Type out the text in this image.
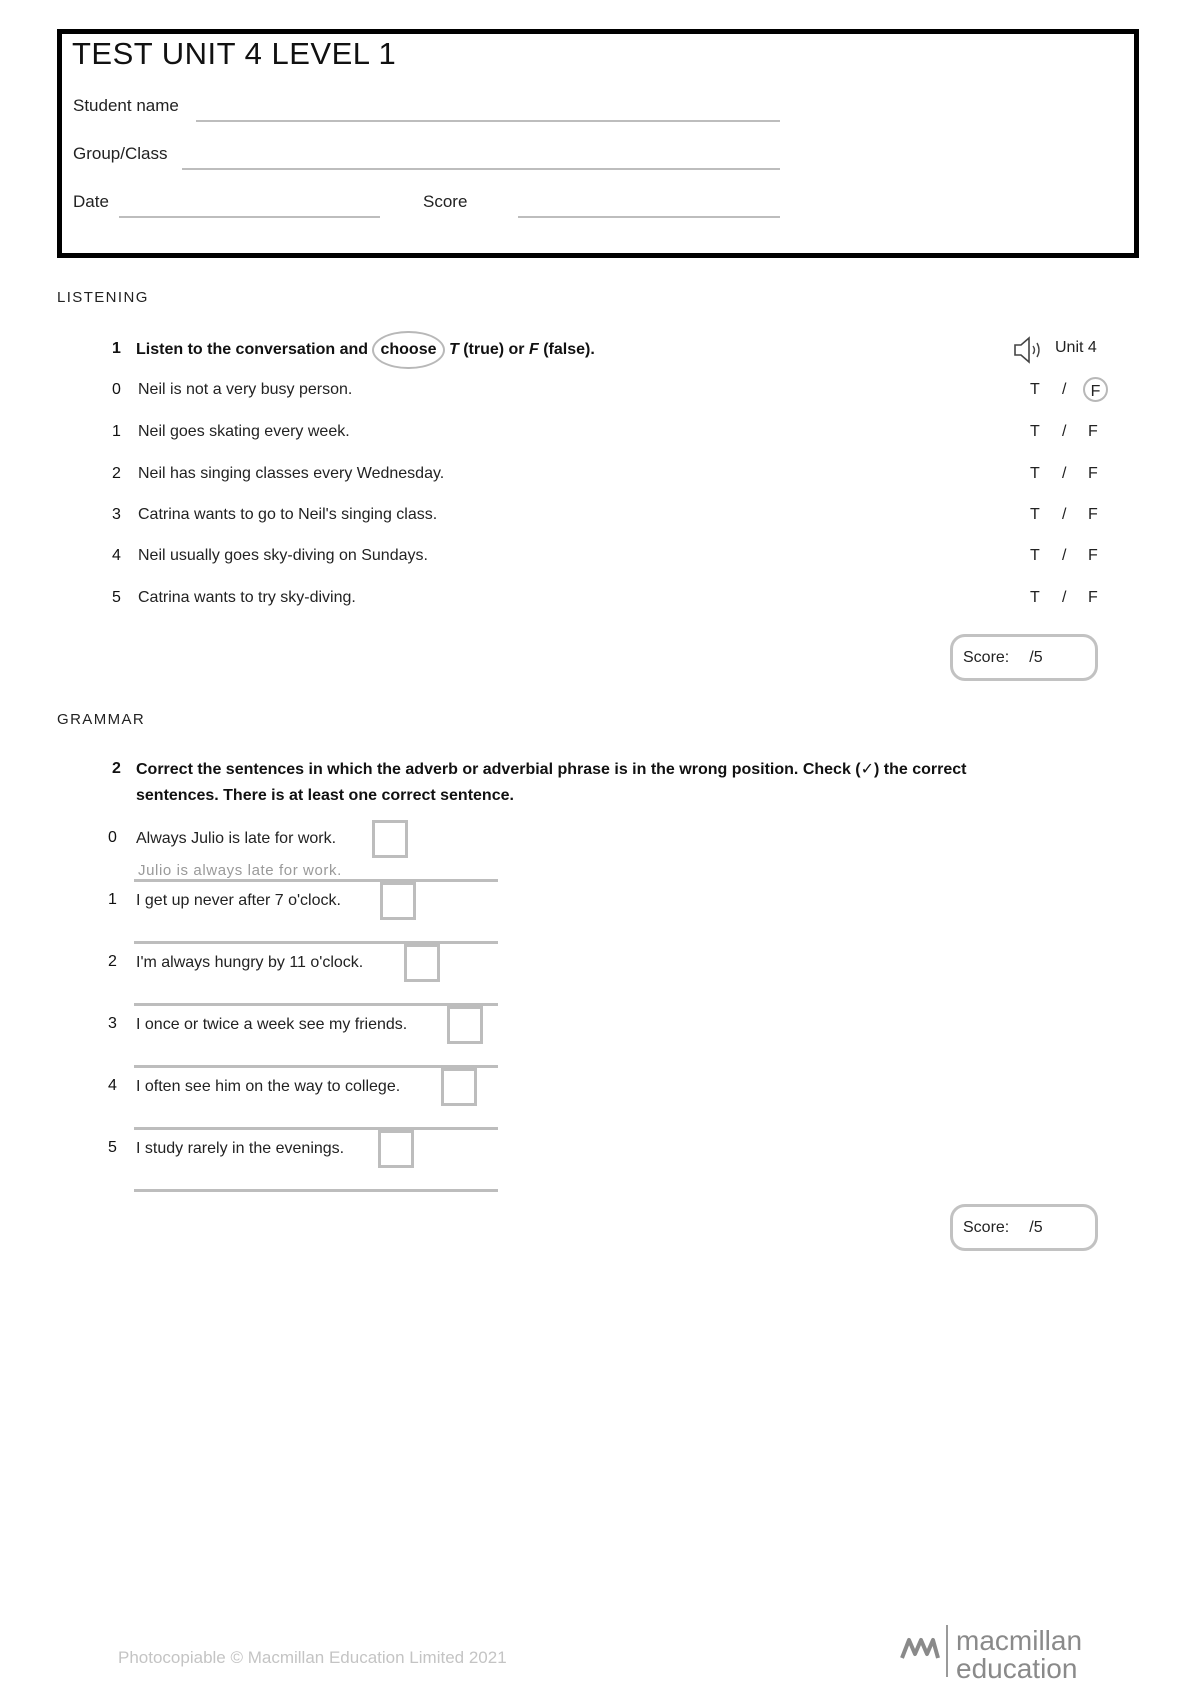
TEST UNIT 4 LEVEL 1
Student name
Group/Class
Date	Score
LISTENING
1 Listen to the conversation and choose T (true) or F (false).	Unit 4
0 Neil is not a very busy person.	T / F
1 Neil goes skating every week.	T / F
2 Neil has singing classes every Wednesday.	T / F
3 Catrina wants to go to Neil's singing class.	T / F
4 Neil usually goes sky-diving on Sundays.	T / F
5 Catrina wants to try sky-diving.	T / F
Score: /5
GRAMMAR
2 Correct the sentences in which the adverb or adverbial phrase is in the wrong position. Check (✓) the correct
sentences. There is at least one correct sentence.
0 Always Julio is late for work.
Julio is always late for work.
1 I get up never after 7 o'clock.
2 I'm always hungry by 11 o'clock.
3 I once or twice a week see my friends.
4 I often see him on the way to college.
5 I study rarely in the evenings.
Score: /5
Photocopiable © Macmillan Education Limited 2021
macmillan
education
